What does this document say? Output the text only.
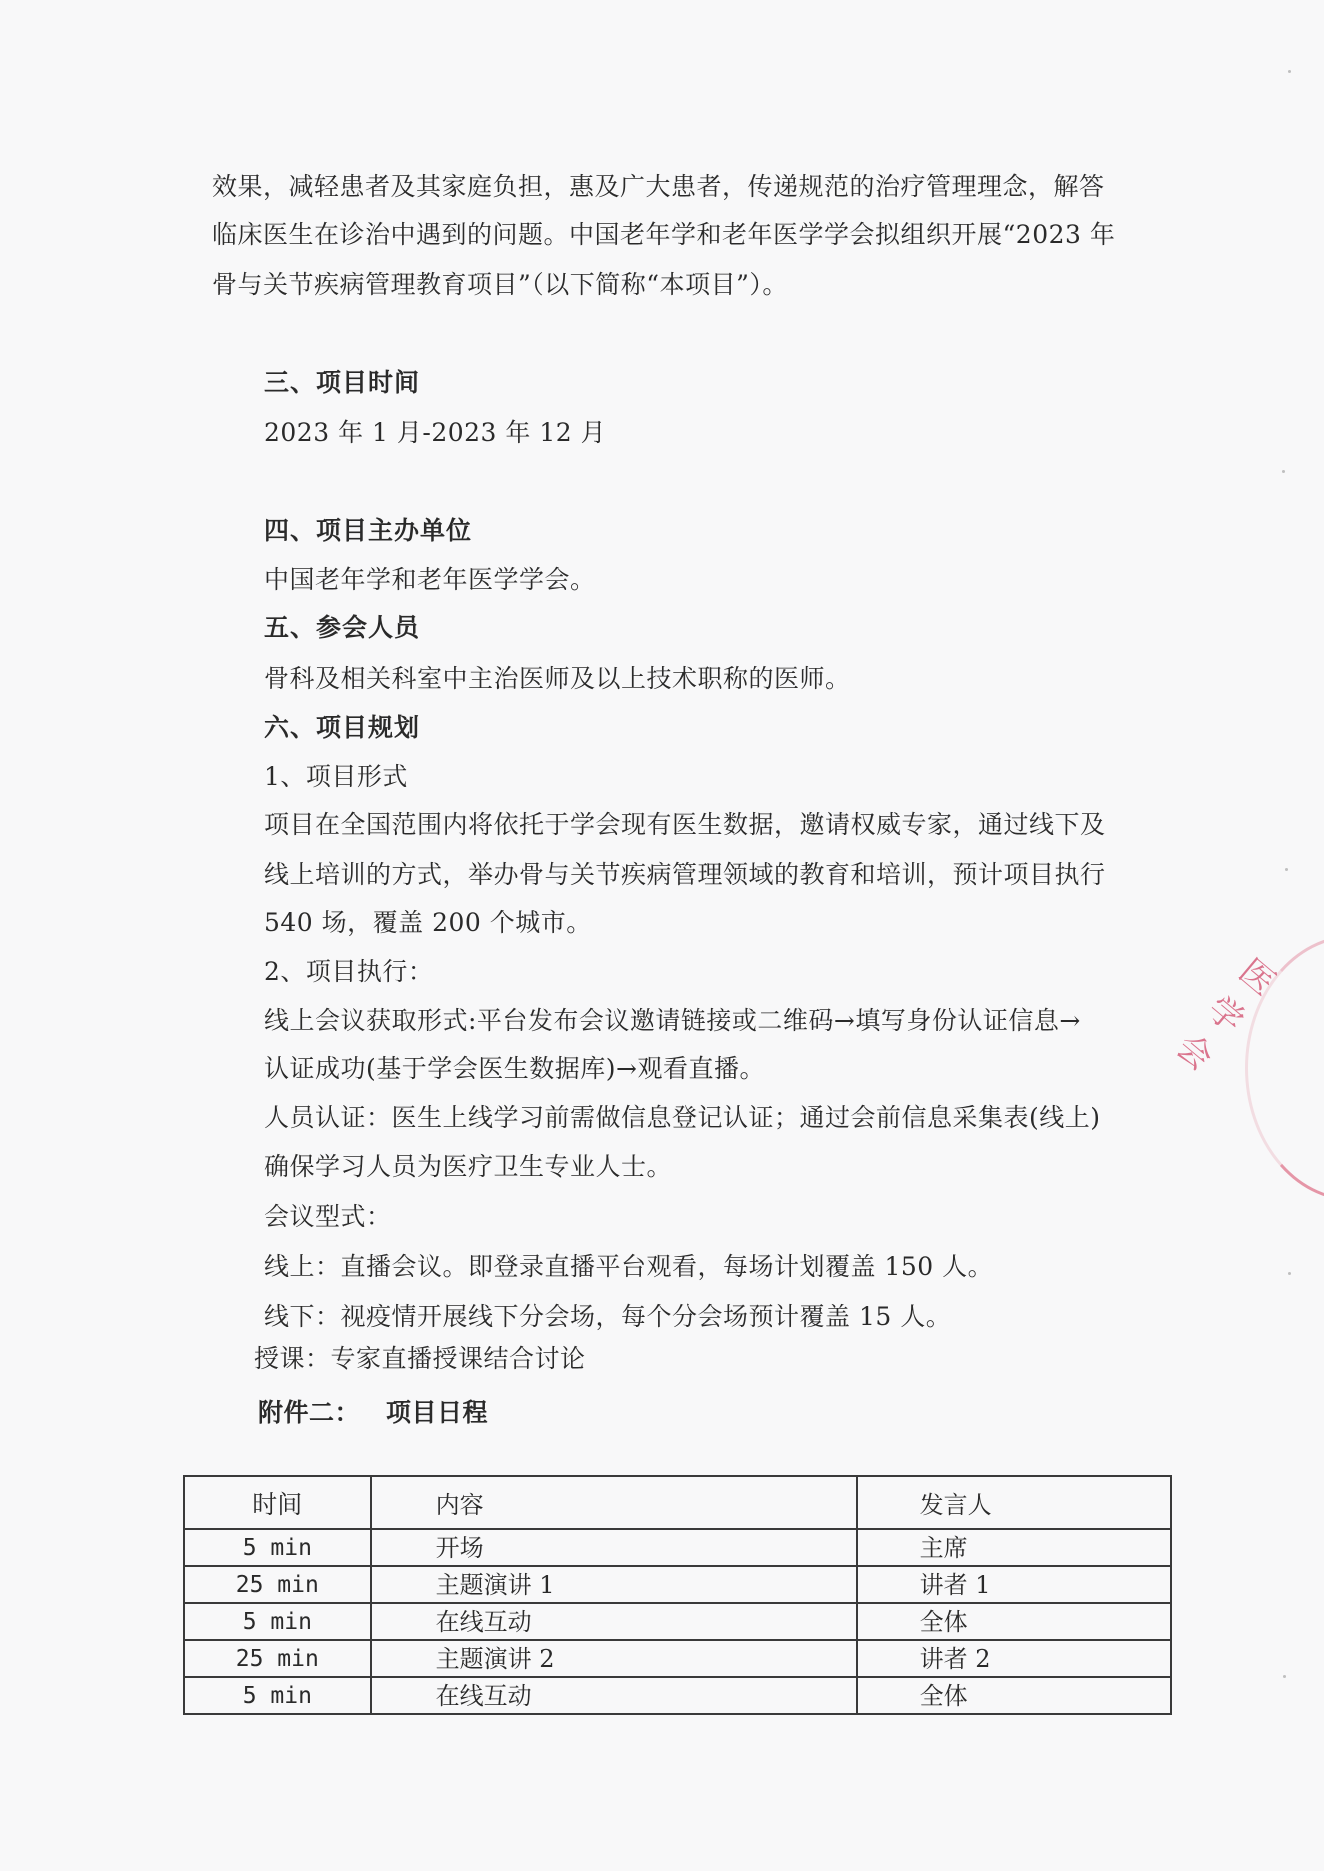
效果，减轻患者及其家庭负担，惠及广大患者，传递规范的治疗管理理念，解答
临床医生在诊治中遇到的问题。中国老年学和老年医学学会拟组织开展“2023 年
骨与关节疾病管理教育项目”（以下简称“本项目”）。
三、项目时间
2023 年 1 月-2023 年 12 月
四、项目主办单位
中国老年学和老年医学学会。
五、参会人员
骨科及相关科室中主治医师及以上技术职称的医师。
六、项目规划
1、项目形式
项目在全国范围内将依托于学会现有医生数据，邀请权威专家，通过线下及
线上培训的方式，举办骨与关节疾病管理领域的教育和培训，预计项目执行
540 场，覆盖 200 个城市。
2、项目执行：
线上会议获取形式:平台发布会议邀请链接或二维码→填写身份认证信息→
认证成功(基于学会医生数据库)→观看直播。
人员认证：医生上线学习前需做信息登记认证；通过会前信息采集表(线上)
确保学习人员为医疗卫生专业人士。
会议型式：
线上：直播会议。即登录直播平台观看，每场计划覆盖 150 人。
线下：视疫情开展线下分会场，每个分会场预计覆盖 15 人。
授课：专家直播授课结合讨论
附件二： 项目日程
时间	内容	发言人
5 min	开场	主席
25 min	主题演讲 1	讲者 1
5 min	在线互动	全体
25 min	主题演讲 2	讲者 2
5 min	在线互动	全体
医学会
